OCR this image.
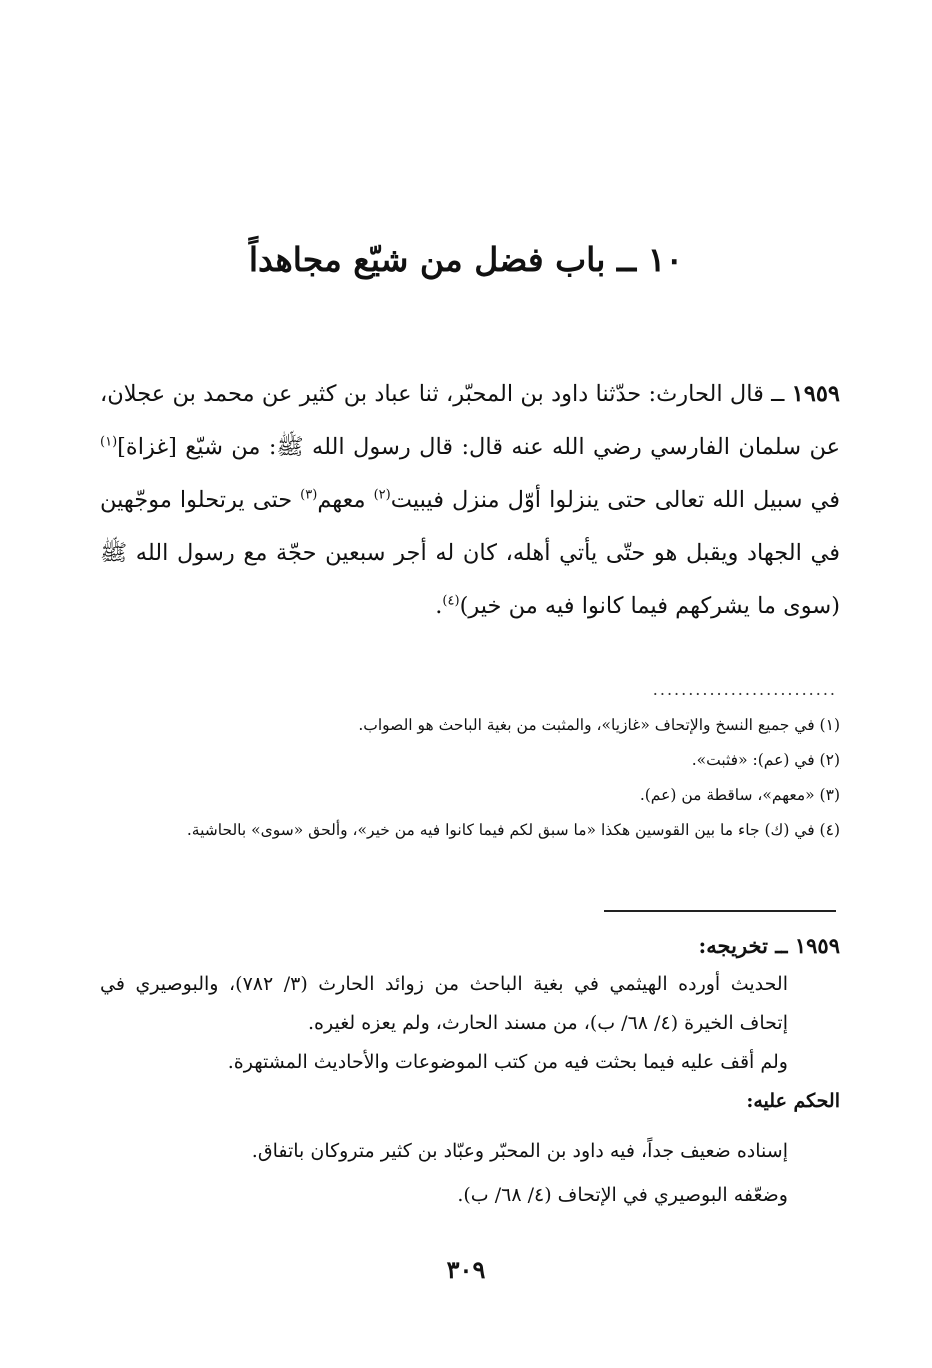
١٠ ــ باب فضل من شيّع مجاهداً
١٩٥٩ ــ قال الحارث: حدّثنا داود بن المحبّر، ثنا عباد بن كثير عن محمد بن عجلان، عن سلمان الفارسي رضي الله عنه قال: قال رسول الله ﷺ: من شيّع [غزاة]$^{(١)}$ في سبيل الله تعالى حتى ينزلوا أوّل منزل فيبيت$^{(٢)}$ معهم$^{(٣)}$ حتى يرتحلوا موجّهين في الجهاد ويقبل هو حتّى يأتي أهله، كان له أجر سبعين حجّة مع رسول الله ﷺ (سوى ما يشركهم فيما كانوا فيه من خير)$^{(٤)}$.
..........................

(١) في جميع النسخ والإتحاف «غازيا»، والمثبت من بغية الباحث هو الصواب.

(٢) في (عم): «فثبت».

(٣) «معهم»، ساقطة من (عم).

(٤) في (ك) جاء ما بين القوسين هكذا «ما سبق لكم فيما كانوا فيه من خير»، وألحق «سوى» بالحاشية.

١٩٥٩ ــ تخريجه:

الحديث أورده الهيثمي في بغية الباحث من زوائد الحارث (٣/ ٧٨٢)، والبوصيري في إتحاف الخيرة (٤/ ٦٨/ ب)، من مسند الحارث، ولم يعزه لغيره.

ولم أقف عليه فيما بحثت فيه من كتب الموضوعات والأحاديث المشتهرة.

الحكم عليه:

إسناده ضعيف جداً، فيه داود بن المحبّر وعبّاد بن كثير متروكان باتفاق.

وضعّفه البوصيري في الإتحاف (٤/ ٦٨/ ب).

٣٠٩
